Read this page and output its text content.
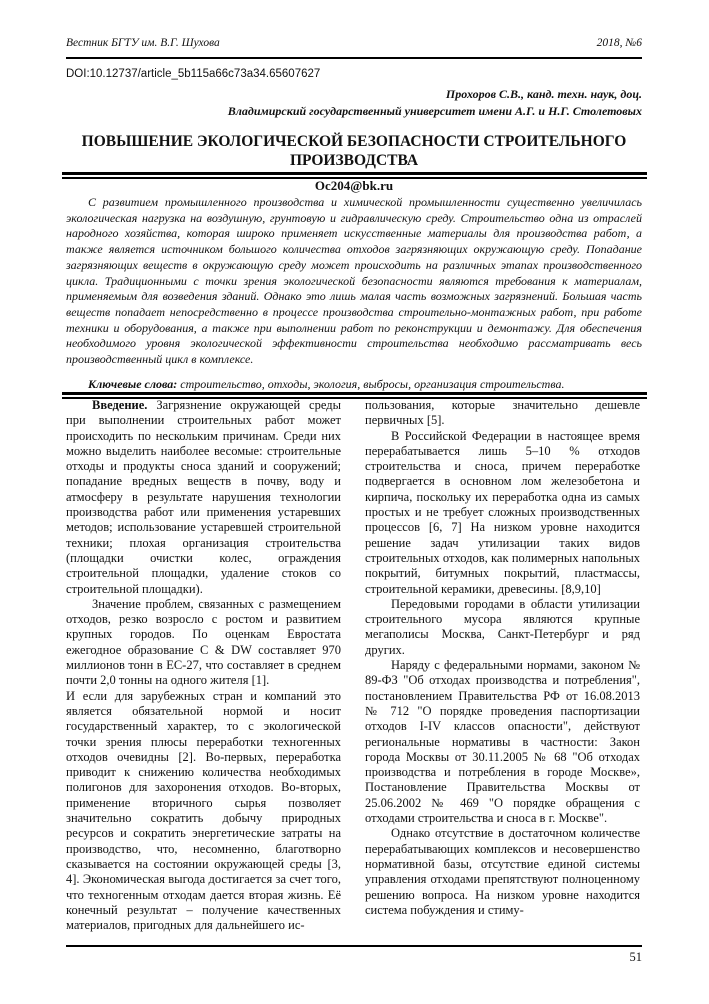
Вестник БГТУ им. В.Г. Шухова	2018, №6
DOI:10.12737/article_5b115a66c73a34.65607627
Прохоров С.В., канд. техн. наук, доц.
Владимирский государственный университет имени А.Г. и Н.Г. Столетовых
ПОВЫШЕНИЕ ЭКОЛОГИЧЕСКОЙ БЕЗОПАСНОСТИ СТРОИТЕЛЬНОГО ПРОИЗВОДСТВА
Oc204@bk.ru

С развитием промышленного производства и химической промышленности существенно увеличилась экологическая нагрузка на воздушную, грунтовую и гидравлическую среду. Строительство одна из отраслей народного хозяйства, которая широко применяет искусственные материалы для производства работ, а также является источником большого количества отходов загрязняющих окружающую среду. Попадание загрязняющих веществ в окружающую среду может происходить на различных этапах производственного цикла. Традиционными с точки зрения экологической безопасности являются требования к материалам, применяемым для возведения зданий. Однако это лишь малая часть возможных загрязнений. Большая часть веществ попадает непосредственно в процессе производства строительно-монтажных работ, при работе техники и оборудования, а также при выполнении работ по реконструкции и демонтажу. Для обеспечения необходимого уровня экологической эффективности строительства необходимо рассматривать весь производственный цикл в комплексе.

Ключевые слова: строительство, отходы, экология, выбросы, организация строительства.

Введение. Загрязнение окружающей среды при выполнении строительных работ может происходить по нескольким причинам. Среди них можно выделить наиболее весомые: строительные отходы и продукты сноса зданий и сооружений; попадание вредных веществ в почву, воду и атмосферу в результате нарушения технологии производства работ или применения устаревших методов; использование устаревшей строительной техники; плохая организация строительства (площадки очистки колес, ограждения строительной площадки, удаление стоков со строительной площадки).

Значение проблем, связанных с размещением отходов, резко возросло с ростом и развитием крупных городов. По оценкам Евростата ежегодное образование C & DW составляет 970 миллионов тонн в ЕС-27, что составляет в среднем почти 2,0 тонны на одного жителя [1].

И если для зарубежных стран и компаний это является обязательной нормой и носит государственный характер, то с экологической точки зрения плюсы переработки техногенных отходов очевидны [2]. Во-первых, переработка приводит к снижению количества необходимых полигонов для захоронения отходов. Во-вторых, применение вторичного сырья позволяет значительно сократить добычу природных ресурсов и сократить энергетические затраты на производство, что, несомненно, благотворно сказывается на состоянии окружающей среды [3, 4]. Экономическая выгода достигается за счет того, что техногенным отходам дается вторая жизнь. Её конечный результат – получение качественных материалов, пригодных для дальнейшего ис-

пользования, которые значительно дешевле первичных [5].

В Российской Федерации в настоящее время перерабатывается лишь 5–10 % отходов строительства и сноса, причем переработке подвергается в основном лом железобетона и кирпича, поскольку их переработка одна из самых простых и не требует сложных производственных процессов [6, 7] На низком уровне находится решение задач утилизации таких видов строительных отходов, как полимерных напольных покрытий, битумных покрытий, пластмассы, строительной керамики, древесины. [8,9,10]

Передовыми городами в области утилизации строительного мусора являются крупные мегаполисы Москва, Санкт-Петербург и ряд других.

Наряду с федеральными нормами, законом № 89-ФЗ "Об отходах производства и потребления", постановлением Правительства РФ от 16.08.2013 № 712 "О порядке проведения паспортизации отходов I-IV классов опасности", действуют региональные нормативы в частности: Закон города Москвы от 30.11.2005 № 68 "Об отходах производства и потребления в городе Москве», Постановление Правительства Москвы от 25.06.2002 № 469 "О порядке обращения с отходами строительства и сноса в г. Москве".

Однако отсутствие в достаточном количестве перерабатывающих комплексов и несовершенство нормативной базы, отсутствие единой системы управления отходами препятствуют полноценному решению вопроса. На низком уровне находится система побуждения и стиму-

51
